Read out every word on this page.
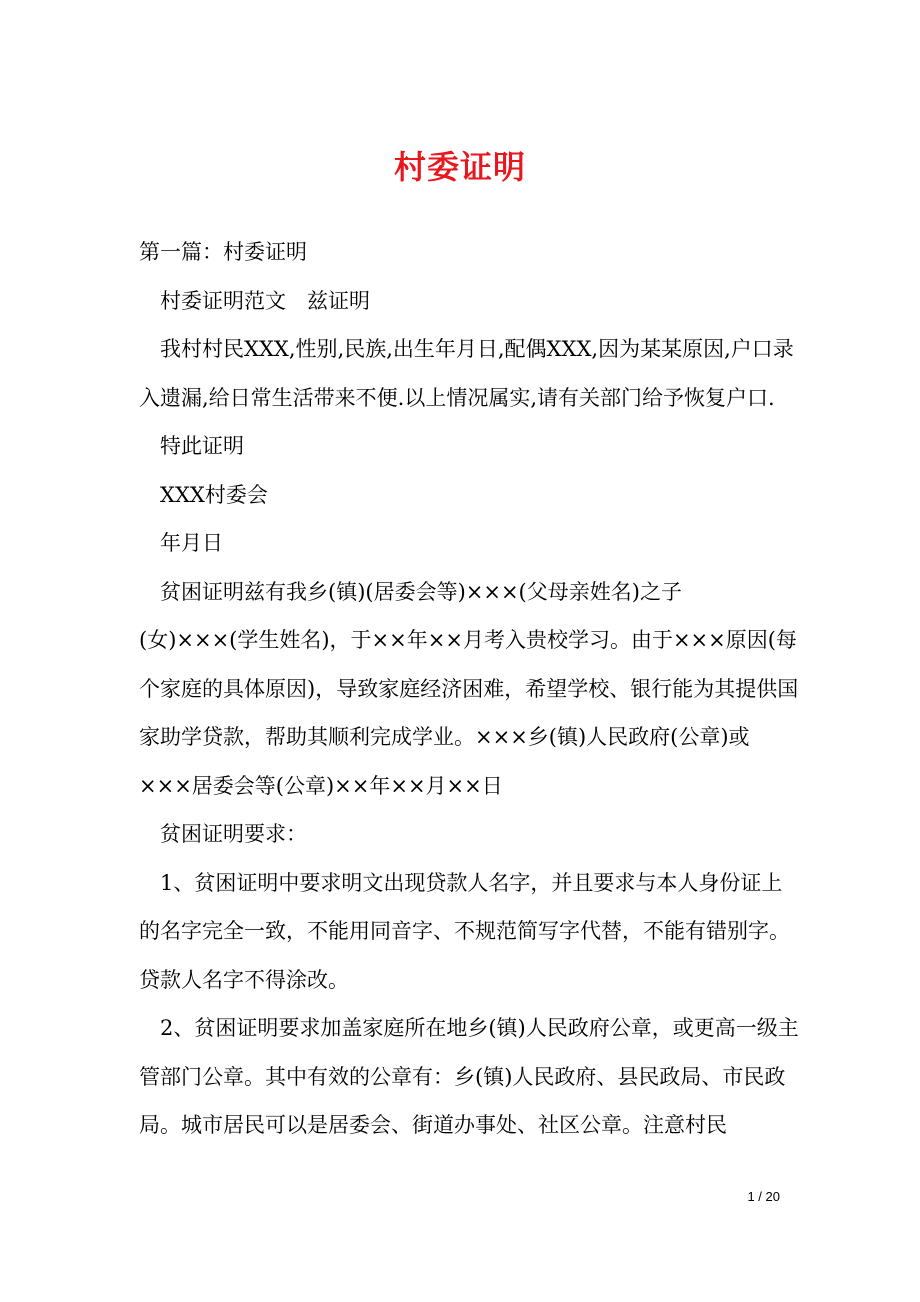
村委证明

第一篇：村委证明

村委证明范文　兹证明

我村村民XXX,性别,民族,出生年月日,配偶XXX,因为某某原因,户口录入遗漏,给日常生活带来不便.以上情况属实,请有关部门给予恢复户口.

特此证明

XXX村委会

年月日

贫困证明兹有我乡(镇)(居委会等)×××(父母亲姓名)之子(女)×××(学生姓名)，于××年××月考入贵校学习。由于×××原因(每个家庭的具体原因)，导致家庭经济困难，希望学校、银行能为其提供国家助学贷款，帮助其顺利完成学业。×××乡(镇)人民政府(公章)或×××居委会等(公章)××年××月××日

贫困证明要求：

1、贫困证明中要求明文出现贷款人名字，并且要求与本人身份证上的名字完全一致，不能用同音字、不规范简写字代替，不能有错别字。贷款人名字不得涂改。

2、贫困证明要求加盖家庭所在地乡(镇)人民政府公章，或更高一级主管部门公章。其中有效的公章有：乡(镇)人民政府、县民政局、市民政局。城市居民可以是居委会、街道办事处、社区公章。注意村民

1 / 20
